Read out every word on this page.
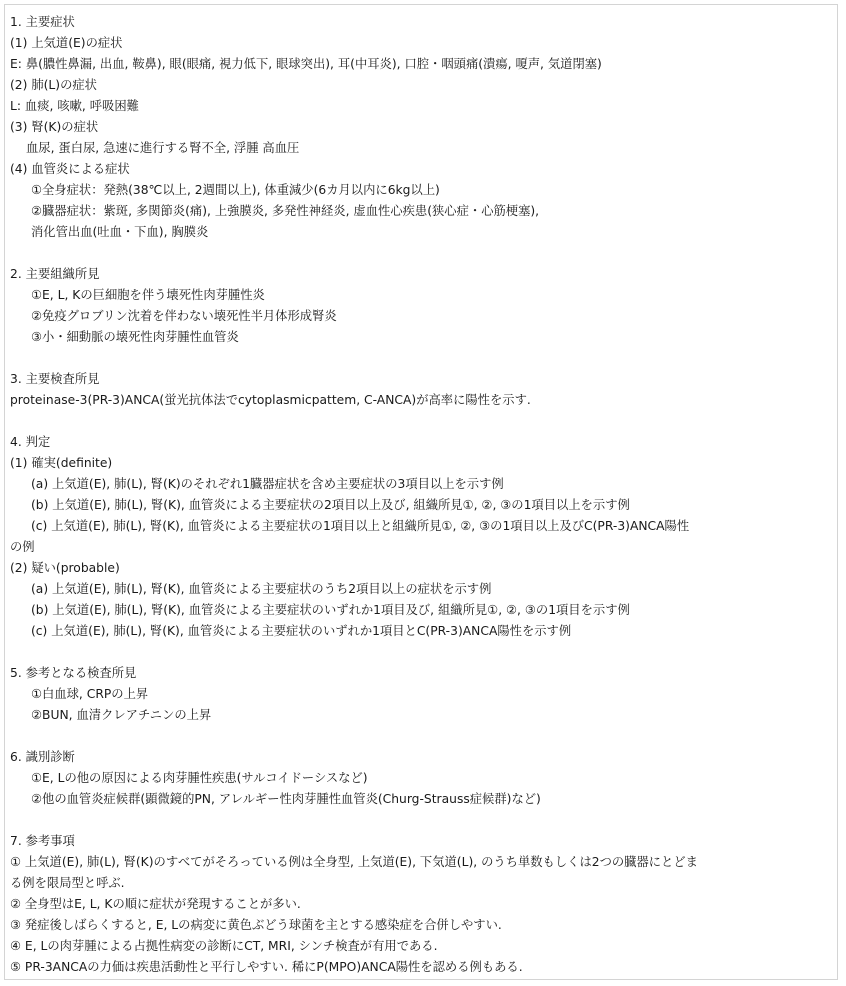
1. 主要症状
(1) 上気道(E)の症状
E: 鼻(膿性鼻漏, 出血, 鞍鼻), 眼(眼痛, 視力低下, 眼球突出), 耳(中耳炎), 口腔・咽頭痛(潰瘍, 嗄声, 気道閉塞)
(2) 肺(L)の症状
L: 血痰, 咳嗽, 呼吸困難
(3) 腎(K)の症状
血尿, 蛋白尿, 急速に進行する腎不全, 浮腫 高血圧
(4) 血管炎による症状
①全身症状：発熱(38℃以上, 2週間以上), 体重減少(6カ月以内に6kg以上)
②臓器症状：紫斑, 多関節炎(痛), 上強膜炎, 多発性神経炎, 虚血性心疾患(狭心症・心筋梗塞),
消化管出血(吐血・下血), 胸膜炎
2. 主要組織所見
①E, L, Kの巨細胞を伴う壊死性肉芽腫性炎
②免疫グロブリン沈着を伴わない壊死性半月体形成腎炎
③小・細動脈の壊死性肉芽腫性血管炎
3. 主要検査所見
proteinase-3(PR-3)ANCA(蛍光抗体法でcytoplasmicpattem, C-ANCA)が高率に陽性を示す.
4. 判定
(1) 確実(definite)
(a) 上気道(E), 肺(L), 腎(K)のそれぞれ1臓器症状を含め主要症状の3項目以上を示す例
(b) 上気道(E), 肺(L), 腎(K), 血管炎による主要症状の2項目以上及び, 組織所見①, ②, ③の1項目以上を示す例
(c) 上気道(E), 肺(L), 腎(K), 血管炎による主要症状の1項目以上と組織所見①, ②, ③の1項目以上及びC(PR-3)ANCA陽性
の例
(2) 疑い(probable)
(a) 上気道(E), 肺(L), 腎(K), 血管炎による主要症状のうち2項目以上の症状を示す例
(b) 上気道(E), 肺(L), 腎(K), 血管炎による主要症状のいずれか1項目及び, 組織所見①, ②, ③の1項目を示す例
(c) 上気道(E), 肺(L), 腎(K), 血管炎による主要症状のいずれか1項目とC(PR-3)ANCA陽性を示す例
5. 参考となる検査所見
①白血球, CRPの上昇
②BUN, 血清クレアチニンの上昇
6. 識別診断
①E, Lの他の原因による肉芽腫性疾患(サルコイドーシスなど)
②他の血管炎症候群(顕微鏡的PN, アレルギー性肉芽腫性血管炎(Churg-Strauss症候群)など)
7. 参考事項
① 上気道(E), 肺(L), 腎(K)のすべてがそろっている例は全身型, 上気道(E), 下気道(L), のうち単数もしくは2つの臓器にとどま
る例を限局型と呼ぶ.
② 全身型はE, L, Kの順に症状が発現することが多い.
③ 発症後しばらくすると, E, Lの病変に黄色ぶどう球菌を主とする感染症を合併しやすい.
④ E, Lの肉芽腫による占拠性病変の診断にCT, MRI, シンチ検査が有用である.
⑤ PR-3ANCAの力価は疾患活動性と平行しやすい. 稀にP(MPO)ANCA陽性を認める例もある.
